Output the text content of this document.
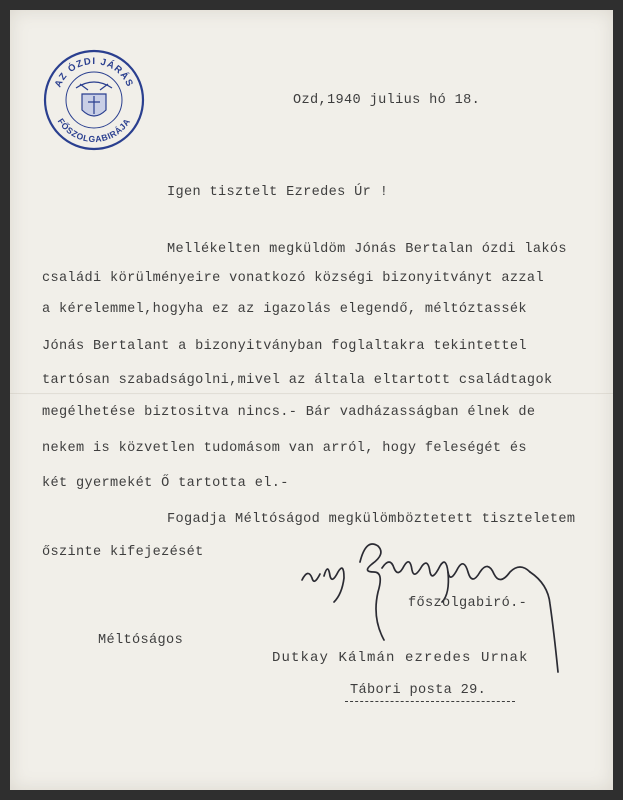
AZ ÓZDI JÁRÁS
FŐSZOLGABIRÁJA
Ozd,1940 julius hó 18.
Igen tisztelt Ezredes Úr !
Mellékelten megküldöm Jónás Bertalan ózdi lakós
családi körülményeire vonatkozó községi bizonyitványt azzal
a kérelemmel,hogyha ez az igazolás elegendő, méltóztassék
Jónás Bertalant a bizonyitványban foglaltakra tekintettel
tartósan szabadságolni,mivel az általa eltartott családtagok
megélhetése biztositva nincs.- Bár vadházasságban élnek de
nekem is közvetlen tudomásom van arról, hogy feleségét és
két gyermekét Ő tartotta el.-
Fogadja Méltóságod megkülömböztetett tiszteletem
őszinte kifejezését
főszolgabiró.-
Méltóságos
Dutkay Kálmán ezredes Urnak
Tábori posta 29.
